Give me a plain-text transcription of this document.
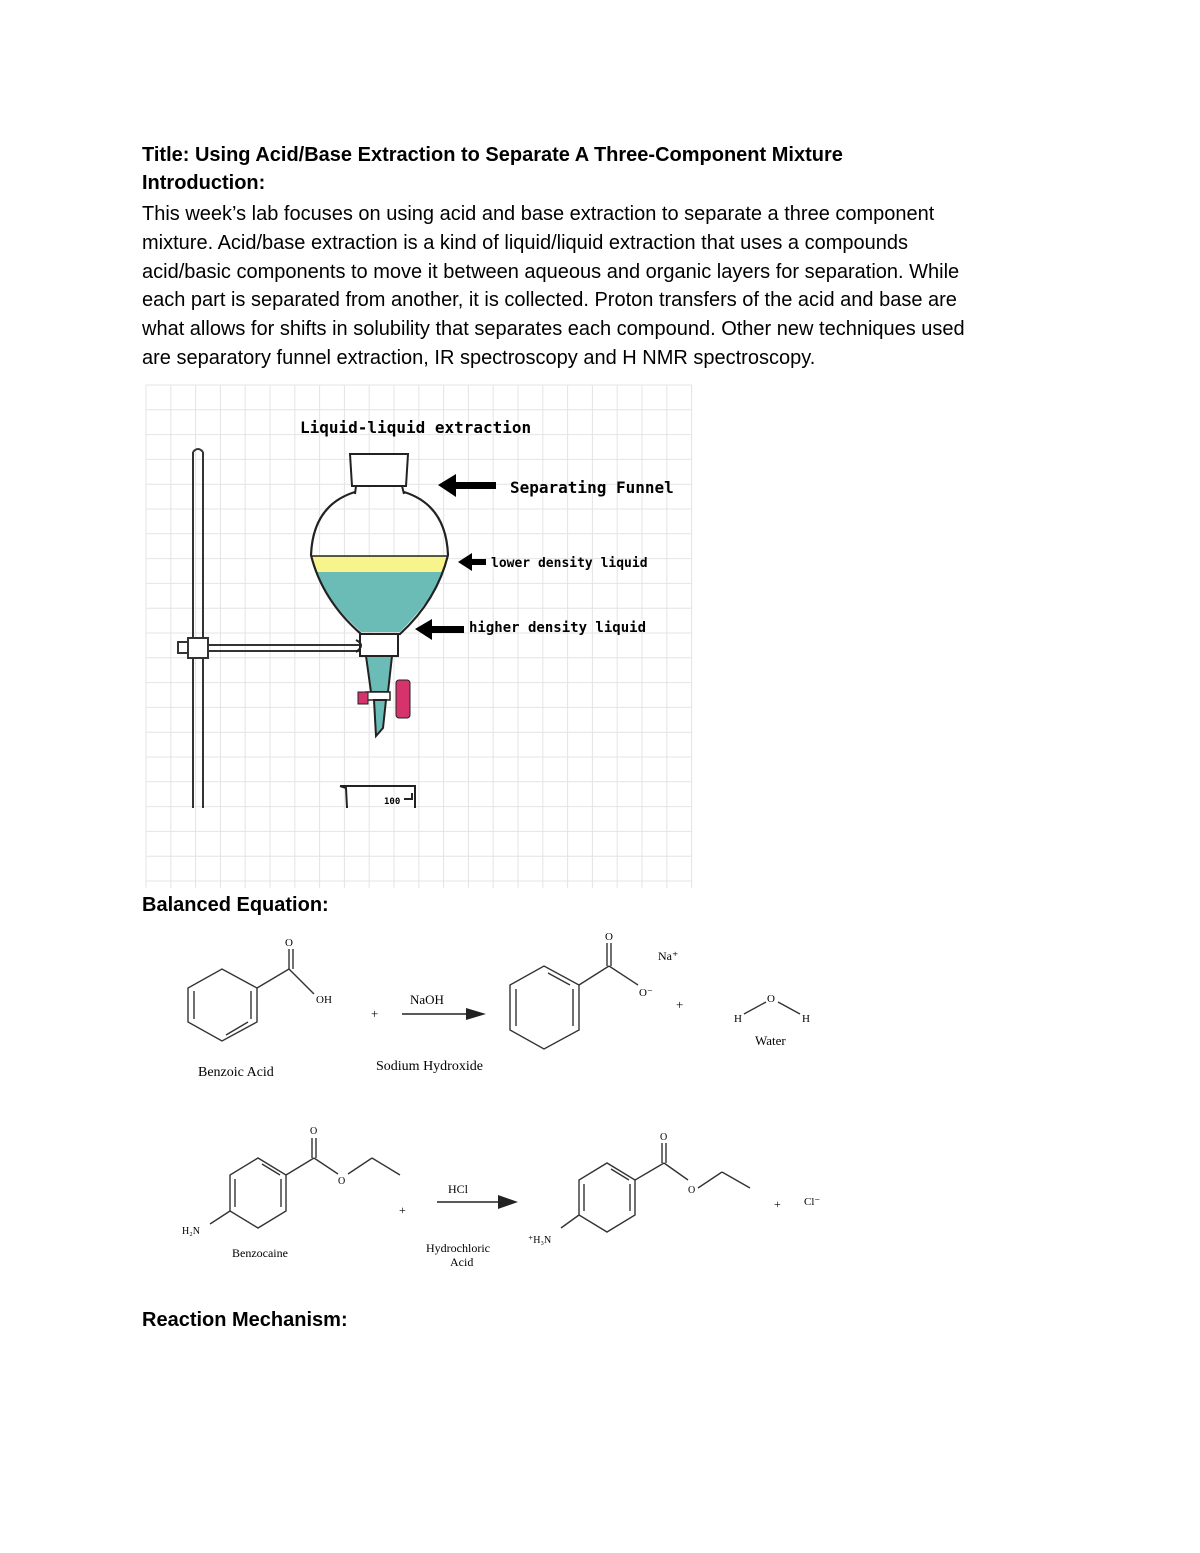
Title: Using Acid/Base Extraction to Separate A Three-Component Mixture
Introduction:
This week’s lab focuses on using acid and base extraction to separate a three component
mixture. Acid/base extraction is a kind of liquid/liquid extraction that uses a compounds
acid/basic components to move it between aqueous and organic layers for separation. While
each part is separated from another, it is collected. Proton transfers of the acid and base are
what allows for shifts in solubility that separates each compound. Other new techniques used
are separatory funnel extraction, IR spectroscopy and H NMR spectroscopy.
Liquid-liquid extraction
100
Separating Funnel
lower density liquid
higher density liquid
Balanced Equation:
O
OH
Benzoic Acid
+
NaOH
Sodium Hydroxide
O
O⁻
Na⁺
+
H
O
H
Water
O
O
H₂N
Benzocaine
+
HCl
Hydrochloric
Acid
O
O
⁺H₃N
+ Cl⁻
Reaction Mechanism:
